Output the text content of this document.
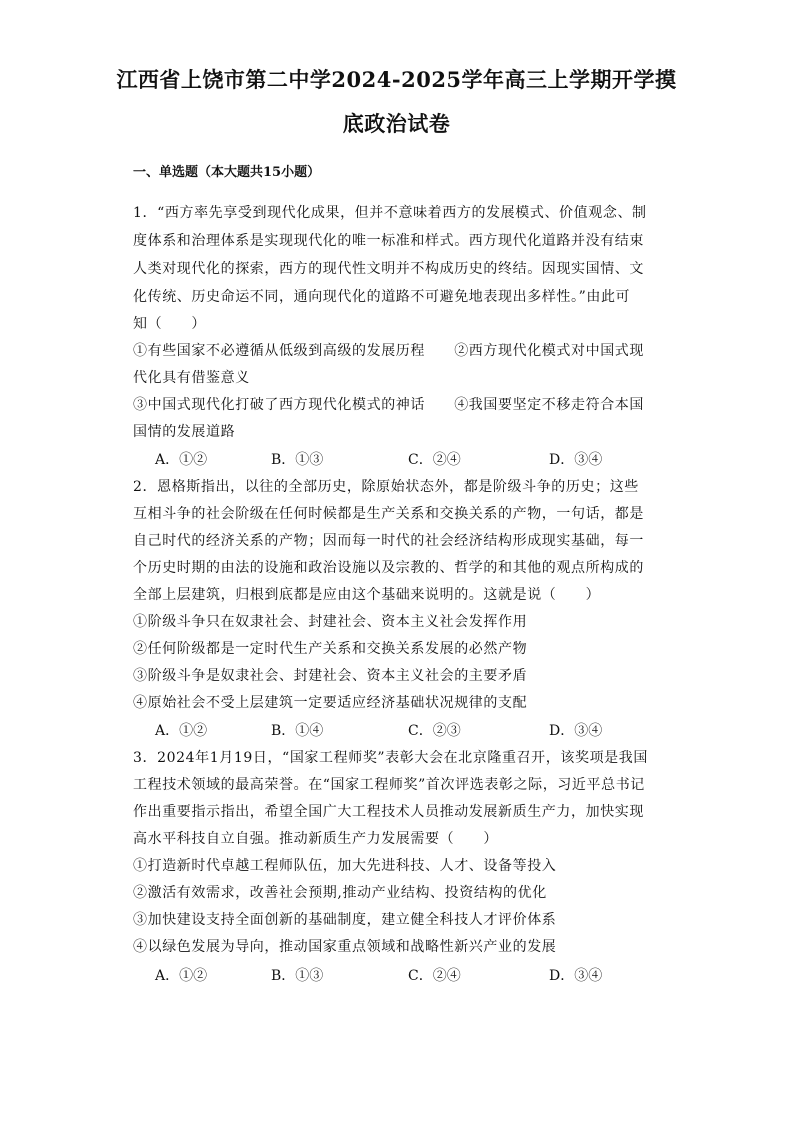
江西省上饶市第二中学2024-2025学年高三上学期开学摸
底政治试卷
一、单选题（本大题共15小题）
1．“西方率先享受到现代化成果，但并不意味着西方的发展模式、价值观念、制
度体系和治理体系是实现现代化的唯一标准和样式。西方现代化道路并没有结束
人类对现代化的探索，西方的现代性文明并不构成历史的终结。因现实国情、文
化传统、历史命运不同，通向现代化的道路不可避免地表现出多样性。”由此可
知（　　）
①有些国家不必遵循从低级到高级的发展历程　　②西方现代化模式对中国式现
代化具有借鉴意义
③中国式现代化打破了西方现代化模式的神话　　④我国要坚定不移走符合本国
国情的发展道路
A．①②	B．①③	C．②④	D．③④
2．恩格斯指出，以往的全部历史，除原始状态外，都是阶级斗争的历史；这些
互相斗争的社会阶级在任何时候都是生产关系和交换关系的产物，一句话，都是
自己时代的经济关系的产物；因而每一时代的社会经济结构形成现实基础，每一
个历史时期的由法的设施和政治设施以及宗教的、哲学的和其他的观点所构成的
全部上层建筑，归根到底都是应由这个基础来说明的。这就是说（　　）
①阶级斗争只在奴隶社会、封建社会、资本主义社会发挥作用
②任何阶级都是一定时代生产关系和交换关系发展的必然产物
③阶级斗争是奴隶社会、封建社会、资本主义社会的主要矛盾
④原始社会不受上层建筑一定要适应经济基础状况规律的支配
A．①②	B．①④	C．②③	D．③④
3．2024年1月19日，“国家工程师奖”表彰大会在北京隆重召开，该奖项是我国
工程技术领域的最高荣誉。在“国家工程师奖”首次评选表彰之际，习近平总书记
作出重要指示指出，希望全国广大工程技术人员推动发展新质生产力，加快实现
高水平科技自立自强。推动新质生产力发展需要（　　）
①打造新时代卓越工程师队伍，加大先进科技、人才、设备等投入
②激活有效需求，改善社会预期,推动产业结构、投资结构的优化
③加快建设支持全面创新的基础制度，建立健全科技人才评价体系
④以绿色发展为导向，推动国家重点领域和战略性新兴产业的发展
A．①②	B．①③	C．②④	D．③④
